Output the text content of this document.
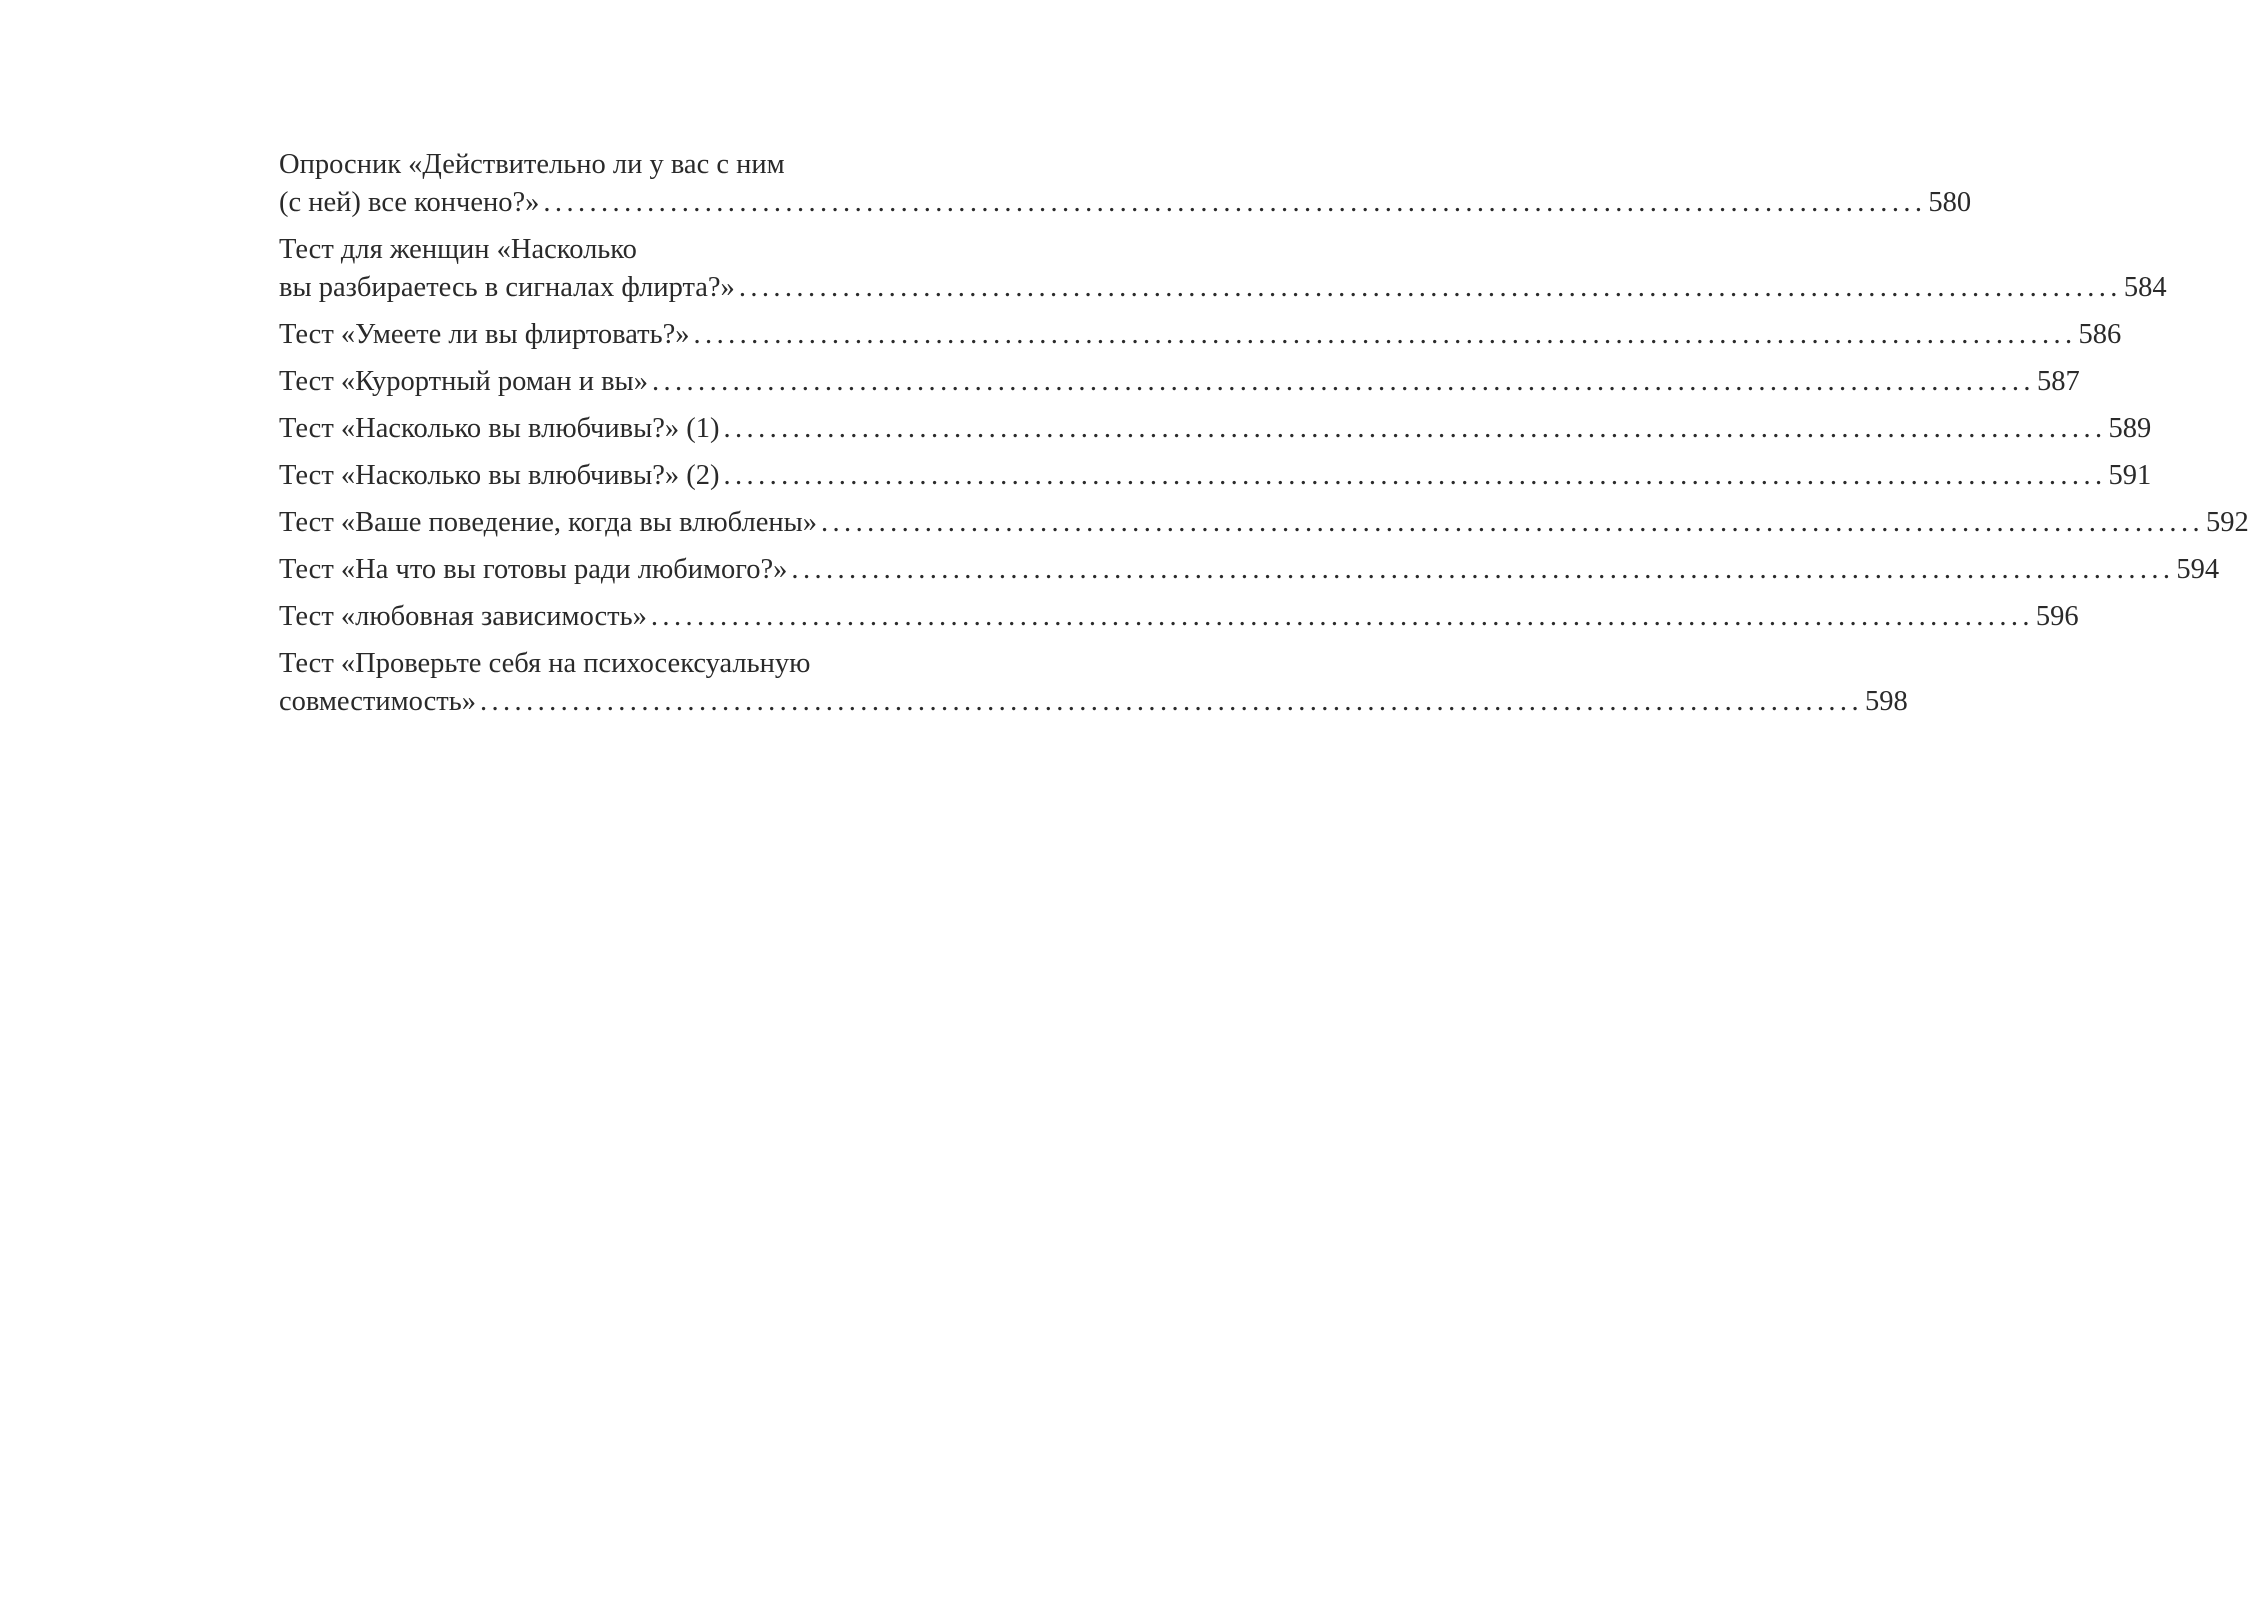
Опросник «Действительно ли у вас с ним
(с ней) все кончено?» ........................................................................................................................ 580
Тест для женщин «Насколько
вы разбираетесь в сигналах флирта?» ........................................................................................................................ 584
Тест «Умеете ли вы флиртовать?» ........................................................................................................................ 586
Тест «Курортный роман и вы» ........................................................................................................................ 587
Тест «Насколько вы влюбчивы?» (1) ........................................................................................................................ 589
Тест «Насколько вы влюбчивы?» (2) ........................................................................................................................ 591
Тест «Ваше поведение, когда вы влюблены» ........................................................................................................................ 592
Тест «На что вы готовы ради любимого?» ........................................................................................................................ 594
Тест «любовная зависимость» ........................................................................................................................ 596
Тест «Проверьте себя на психосексуальную
совместимость» ........................................................................................................................ 598
